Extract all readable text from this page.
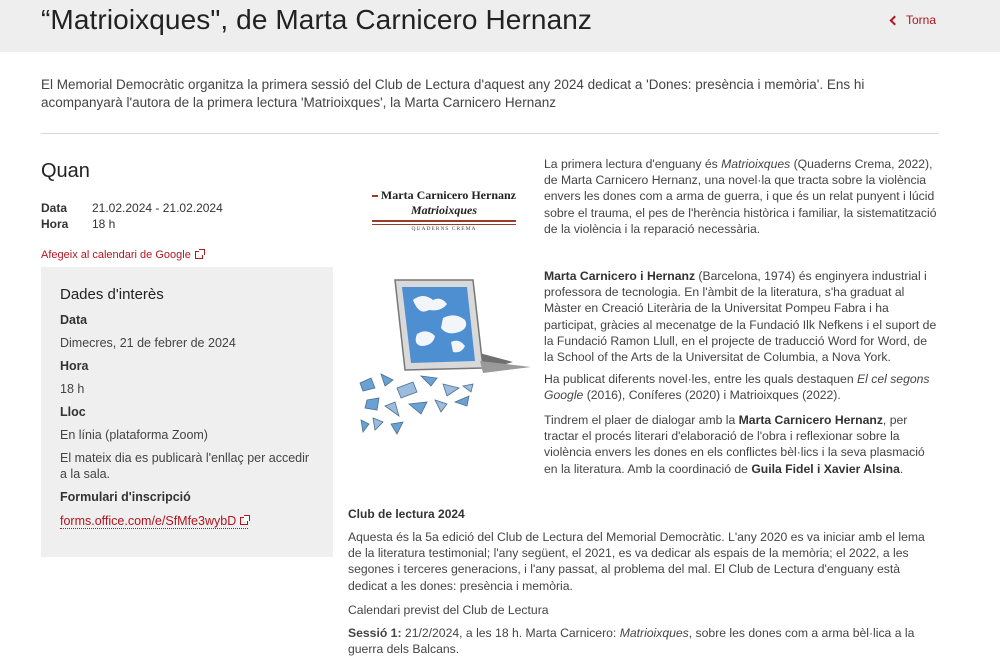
“Matrioixques", de Marta Carnicero Hernanz	Torna

El Memorial Democràtic organitza la primera sessió del Club de Lectura d'aquest any 2024 dedicat a 'Dones: presència i memòria'. Ens hi acompanyarà l'autora de la primera lectura 'Matrioixques', la Marta Carnicero Hernanz

Quan
Data	21.02.2024 - 21.02.2024
Hora	18 h
Afegeix al calendari de Google
Dades d'interès
Data
Dimecres, 21 de febrer de 2024
Hora
18 h
Lloc
En línia (plataforma Zoom)
El mateix dia es publicarà l'enllaç per accedir a la sala.
Formulari d'inscripció
forms.office.com/e/SfMfe3wybD
Marta Carnicero Hernanz
Matrioixques
QUADERNS CREMA

La primera lectura d'enguany és Matrioixques (Quaderns Crema, 2022), de Marta Carnicero Hernanz, una novel·la que tracta sobre la violència envers les dones com a arma de guerra, i que és un relat punyent i lúcid sobre el trauma, el pes de l'herència històrica i familiar, la sistematització de la violència i la reparació necessària.

Marta Carnicero i Hernanz (Barcelona, 1974) és enginyera industrial i professora de tecnologia. En l'àmbit de la literatura, s'ha graduat al Màster en Creació Literària de la Universitat Pompeu Fabra i ha participat, gràcies al mecenatge de la Fundació Ilk Nefkens i el suport de la Fundació Ramon Llull, en el projecte de traducció Word for Word, de la School of the Arts de la Universitat de Columbia, a Nova York.

Ha publicat diferents novel·les, entre les quals destaquen El cel segons Google (2016), Coníferes (2020) i Matrioixques (2022).

Tindrem el plaer de dialogar amb la Marta Carnicero Hernanz, per tractar el procés literari d'elaboració de l'obra i reflexionar sobre la violència envers les dones en els conflictes bèl·lics i la seva plasmació en la literatura. Amb la coordinació de Guila Fidel i Xavier Alsina.

Club de lectura 2024

Aquesta és la 5a edició del Club de Lectura del Memorial Democràtic. L'any 2020 es va iniciar amb el lema de la literatura testimonial; l'any següent, el 2021, es va dedicar als espais de la memòria; el 2022, a les segones i terceres generacions, i l'any passat, al problema del mal. El Club de Lectura d'enguany està dedicat a les dones: presència i memòria.

Calendari previst del Club de Lectura

Sessió 1: 21/2/2024, a les 18 h. Marta Carnicero: Matrioixques, sobre les dones com a arma bèl·lica a la guerra dels Balcans.
